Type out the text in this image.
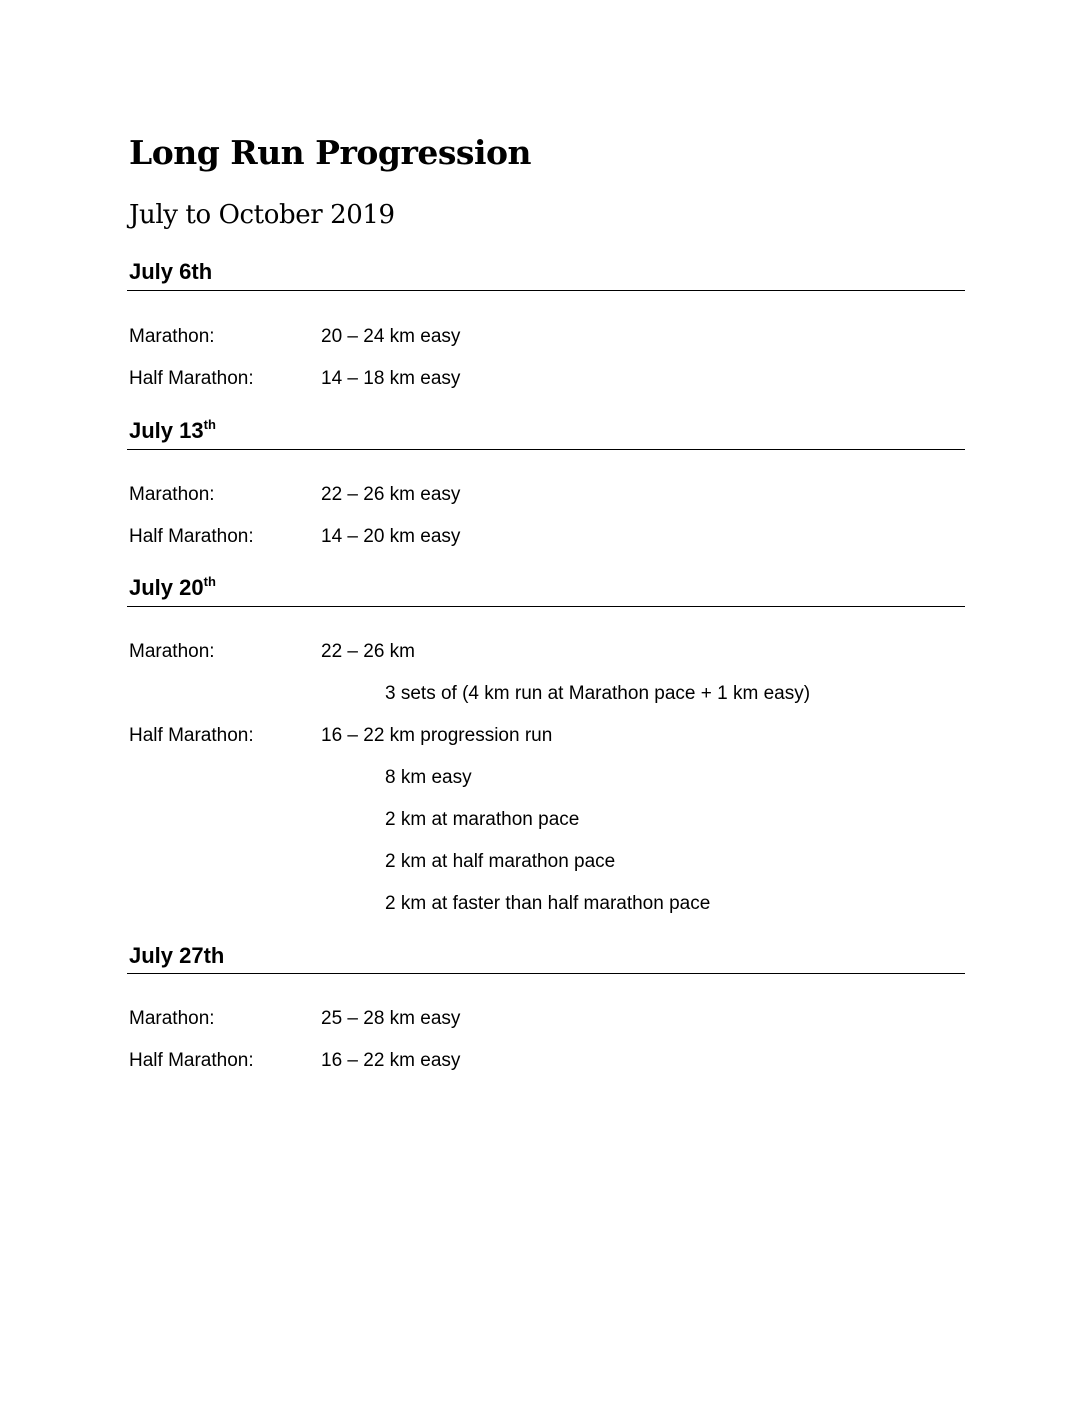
Long Run Progression
July to October 2019
July 6th
Marathon:	20 – 24 km easy
Half Marathon:	14 – 18 km easy
July 13th
Marathon:	22 – 26 km easy
Half Marathon:	14 – 20 km easy
July 20th
Marathon:	22 – 26 km
3 sets of (4 km run at Marathon pace + 1 km easy)
Half Marathon:	16 – 22 km progression run
8 km easy
2 km at marathon pace
2 km at half marathon pace
2 km at faster than half marathon pace
July 27th
Marathon:	25 – 28 km easy
Half Marathon:	16 – 22 km easy
